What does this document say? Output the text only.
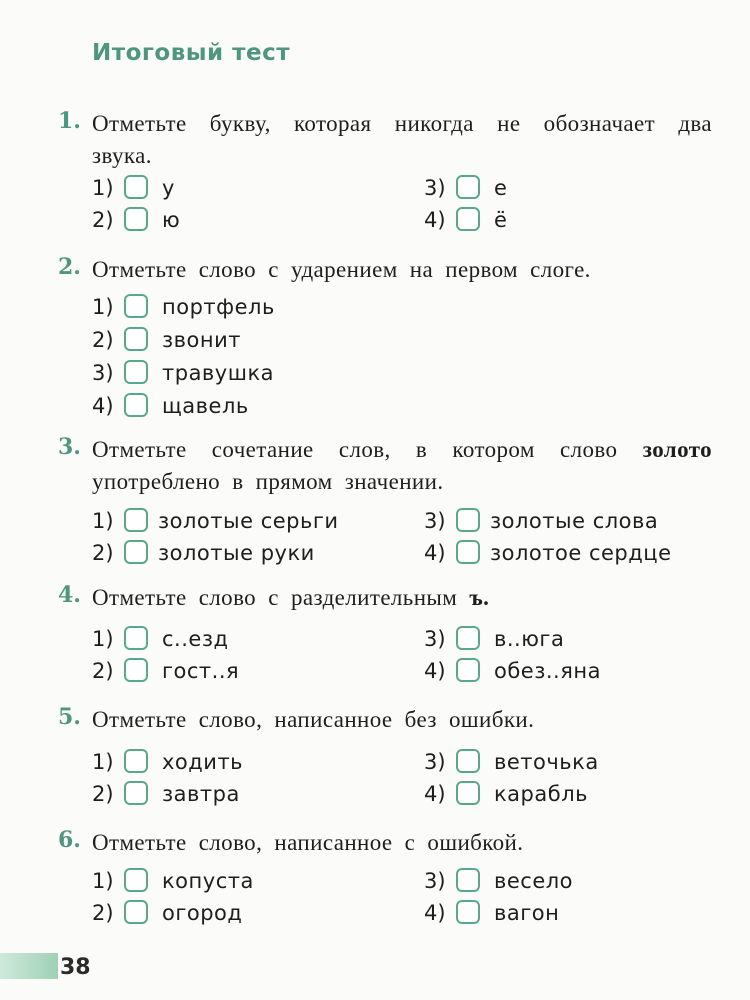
Итоговый тест
1. Отметьте букву, которая никогда не обозначает два звука.
1) у
2) ю
3) е
4) ё
2. Отметьте слово с ударением на первом слоге.
1) портфель
2) звонит
3) травушка
4) щавель
3. Отметьте сочетание слов, в котором слово золото употреблено в прямом значении.
1) золотые серьги
2) золотые руки
3) золотые слова
4) золотое сердце
4. Отметьте слово с разделительным ъ.
1) с..езд
2) гост..я
3) в..юга
4) обез..яна
5. Отметьте слово, написанное без ошибки.
1) ходить
2) завтра
3) веточька
4) карабль
6. Отметьте слово, написанное с ошибкой.
1) копуста
2) огород
3) весело
4) вагон
38
